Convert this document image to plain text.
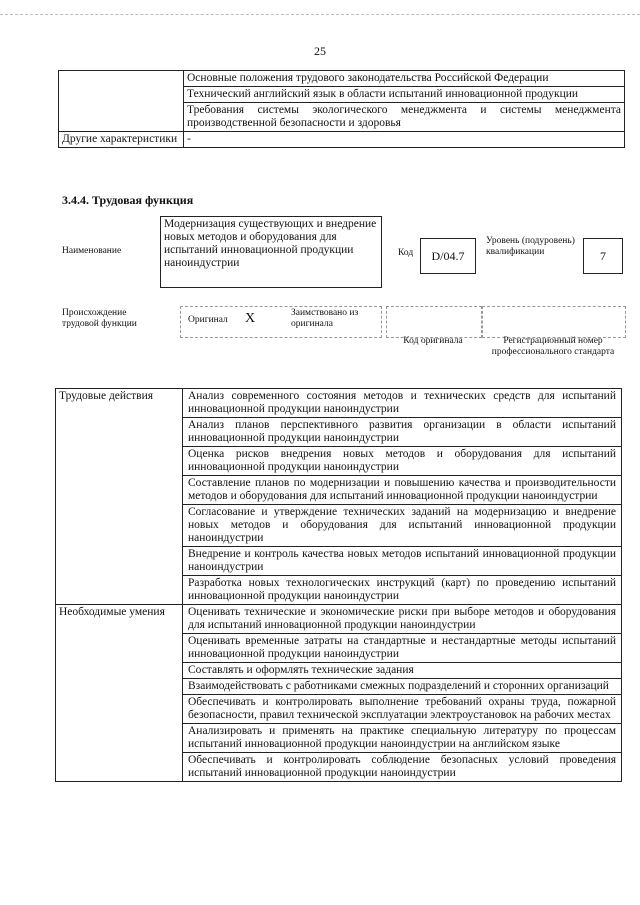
25
	Основные положения трудового законодательства Российской Федерации
	Технический английский язык в области испытаний инновационной продукции
	Требования системы экологического менеджмента и системы менеджмента производственной безопасности и здоровья
Другие характеристики	-
3.4.4. Трудовая функция
Наименование
Модернизация существующих и внедрение новых методов и оборудования для испытаний инновационной продукции наноиндустрии
Код	D/04.7
Уровень (подуровень) квалификации	7
Происхождение трудовой функции	Оригинал X	Заимствовано из оригинала
Код оригинала	Регистрационный номер профессионального стандарта
Трудовые действия	Анализ современного состояния методов и технических средств для испытаний инновационной продукции наноиндустрии
	Анализ планов перспективного развития организации в области испытаний инновационной продукции наноиндустрии
	Оценка рисков внедрения новых методов и оборудования для испытаний инновационной продукции наноиндустрии
	Составление планов по модернизации и повышению качества и производительности методов и оборудования для испытаний инновационной продукции наноиндустрии
	Согласование и утверждение технических заданий на модернизацию и внедрение новых методов и оборудования для испытаний инновационной продукции наноиндустрии
	Внедрение и контроль качества новых методов испытаний инновационной продукции наноиндустрии
	Разработка новых технологических инструкций (карт) по проведению испытаний инновационной продукции наноиндустрии
Необходимые умения	Оценивать технические и экономические риски при выборе методов и оборудования для испытаний инновационной продукции наноиндустрии
	Оценивать временные затраты на стандартные и нестандартные методы испытаний инновационной продукции наноиндустрии
	Составлять и оформлять технические задания
	Взаимодействовать с работниками смежных подразделений и сторонних организаций
	Обеспечивать и контролировать выполнение требований охраны труда, пожарной безопасности, правил технической эксплуатации электроустановок на рабочих местах
	Анализировать и применять на практике специальную литературу по процессам испытаний инновационной продукции наноиндустрии на английском языке
	Обеспечивать и контролировать соблюдение безопасных условий проведения испытаний инновационной продукции наноиндустрии
